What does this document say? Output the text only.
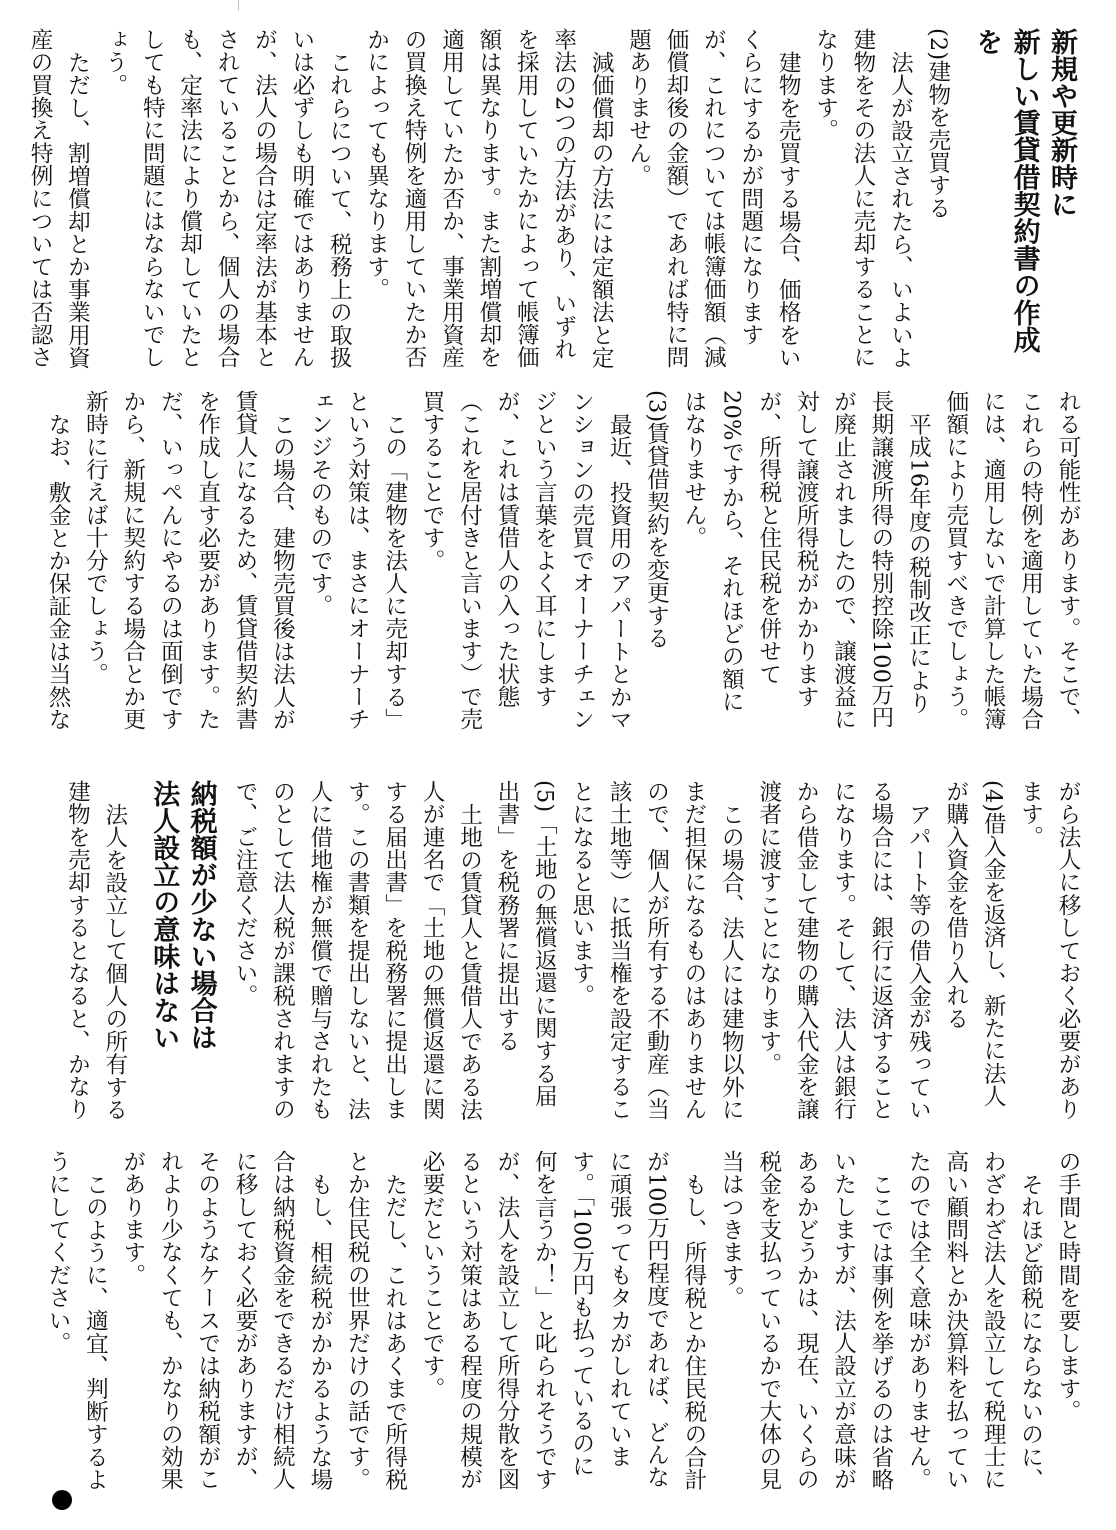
新規や更新時に
新しい賃貸借契約書の作成を

(2)建物を売買する

法人が設立されたら、いよいよ建物をその法人に売却することになります。

建物を売買する場合、価格をいくらにするかが問題になりますが、これについては帳簿価額（減価償却後の金額）であれば特に問題ありません。

減価償却の方法には定額法と定率法の2つの方法があり、いずれを採用していたかによって帳簿価額は異なります。また割増償却を適用していたか否か、事業用資産の買換え特例を適用していたか否かによっても異なります。

これらについて、税務上の取扱いは必ずしも明確ではありませんが、法人の場合は定率法が基本とされていることから、個人の場合も、定率法により償却していたとしても特に問題にはならないでしょう。

ただし、割増償却とか事業用資産の買換え特例については否認さ

れる可能性があります。そこで、これらの特例を適用していた場合には、適用しないで計算した帳簿価額により売買すべきでしょう。

平成16年度の税制改正により長期譲渡所得の特別控除100万円が廃止されましたので、譲渡益に対して譲渡所得税がかかりますが、所得税と住民税を併せて20%ですから、それほどの額にはなりません。

(3)賃貸借契約を変更する

最近、投資用のアパートとかマンションの売買でオーナーチェンジという言葉をよく耳にしますが、これは賃借人の入った状態（これを居付きと言います）で売買することです。

この「建物を法人に売却する」という対策は、まさにオーナーチェンジそのものです。

この場合、建物売買後は法人が賃貸人になるため、賃貸借契約書を作成し直す必要があります。ただ、いっぺんにやるのは面倒ですから、新規に契約する場合とか更新時に行えば十分でしょう。

なお、敷金とか保証金は当然な

がら法人に移しておく必要があります。

(4)借入金を返済し、新たに法人が購入資金を借り入れる

アパート等の借入金が残っている場合には、銀行に返済することになります。そして、法人は銀行から借金して建物の購入代金を譲渡者に渡すことになります。

この場合、法人には建物以外にまだ担保になるものはありませんので、個人が所有する不動産（当該土地等）に抵当権を設定することになると思います。

(5)「土地の無償返還に関する届出書」を税務署に提出する

土地の賃貸人と賃借人である法人が連名で「土地の無償返還に関する届出書」を税務署に提出します。この書類を提出しないと、法人に借地権が無償で贈与されたものとして法人税が課税されますので、ご注意ください。

納税額が少ない場合は
法人設立の意味はない

法人を設立して個人の所有する建物を売却するとなると、かなり

の手間と時間を要します。

それほど節税にならないのに、わざわざ法人を設立して税理士に高い顧問料とか決算料を払っていたのでは全く意味がありません。

ここでは事例を挙げるのは省略いたしますが、法人設立が意味があるかどうかは、現在、いくらの税金を支払っているかで大体の見当はつきます。

もし、所得税とか住民税の合計が100万円程度であれば、どんなに頑張ってもタカがしれています。「100万円も払っているのに何を言うか！」と叱られそうですが、法人を設立して所得分散を図るという対策はある程度の規模が必要だということです。

ただし、これはあくまで所得税とか住民税の世界だけの話です。

もし、相続税がかかるような場合は納税資金をできるだけ相続人に移しておく必要がありますが、そのようなケースでは納税額がこれより少なくても、かなりの効果があります。

このように、適宜、判断するようにしてください。
